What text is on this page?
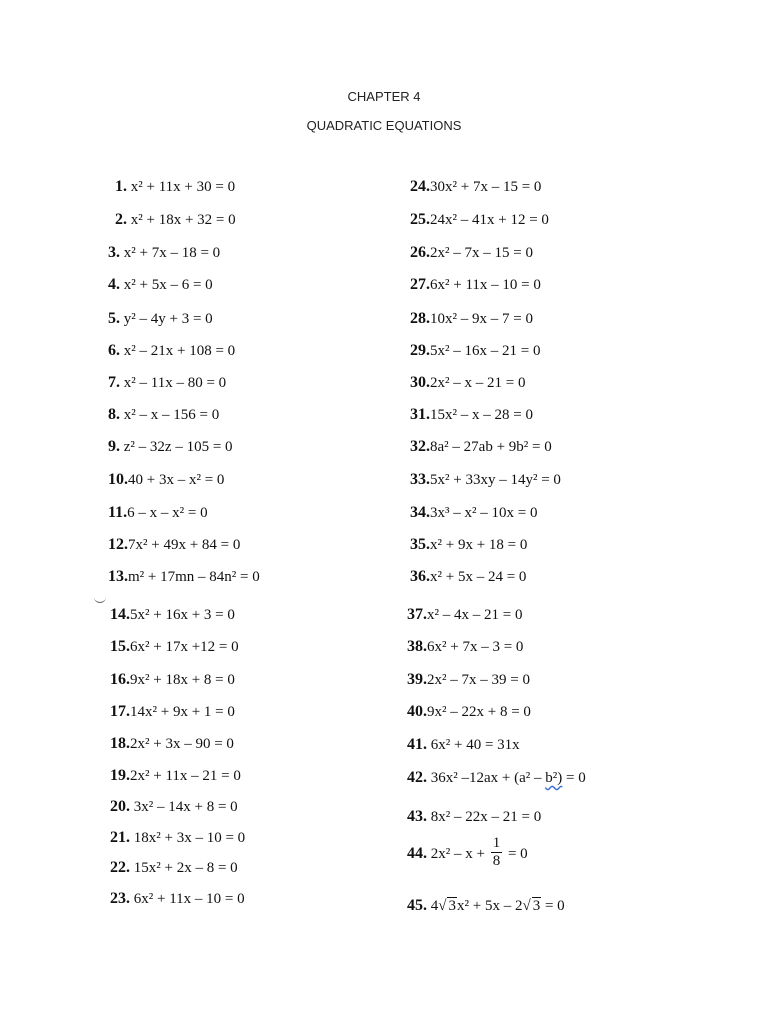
CHAPTER 4
QUADRATIC EQUATIONS
1. x² + 11x + 30 = 0
2. x² + 18x + 32 = 0
3. x² + 7x – 18 = 0
4. x² + 5x – 6 = 0
5. y² – 4y + 3 = 0
6. x² – 21x + 108 = 0
7. x² – 11x – 80 = 0
8. x² – x – 156 = 0
9. z² – 32z – 105 = 0
10.40 + 3x – x² = 0
11.6 – x – x² = 0
12.7x² + 49x + 84 = 0
13.m² + 17mn – 84n² = 0
14.5x² + 16x + 3 = 0
15.6x² + 17x +12 = 0
16.9x² + 18x + 8 = 0
17.14x² + 9x + 1 = 0
18.2x² + 3x – 90 = 0
19.2x² + 11x – 21 = 0
20. 3x² – 14x + 8 = 0
21. 18x² + 3x – 10 = 0
22. 15x² + 2x – 8 = 0
23. 6x² + 11x – 10 = 0
24.30x² + 7x – 15 = 0
25.24x² – 41x + 12 = 0
26.2x² – 7x – 15 = 0
27.6x² + 11x – 10 = 0
28.10x² – 9x – 7 = 0
29.5x² – 16x – 21 = 0
30.2x² – x – 21 = 0
31.15x² – x – 28 = 0
32.8a² – 27ab + 9b² = 0
33.5x² + 33xy – 14y² = 0
34.3x³ – x² – 10x = 0
35.x² + 9x + 18 = 0
36.x² + 5x – 24 = 0
37.x² – 4x – 21 = 0
38.6x² + 7x – 3 = 0
39.2x² – 7x – 39 = 0
40.9x² – 22x + 8 = 0
41. 6x² + 40 = 31x
42. 36x² –12ax + (a² – b²) = 0
43. 8x² – 22x – 21 = 0
44. $2x^2 - x + \frac{1}{8} = 0$
45. 4√ 3x² + 5x – 2√ 3 = 0
